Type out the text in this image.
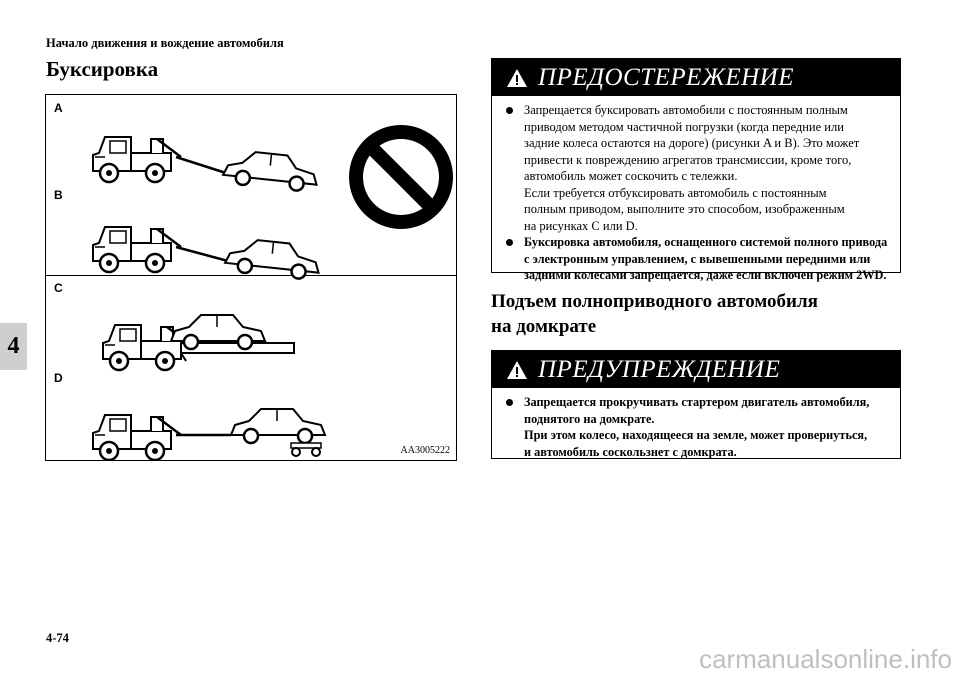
Начало движения и вождение автомобиля
Буксировка
4
A
B
C
D
AA3005222
ПРЕДОСТЕРЕЖЕНИЕ
Запрещается буксировать автомобили с постоянным полным
приводом методом частичной погрузки (когда передние или
задние колеса остаются на дороге) (рисунки A и B). Это может
привести к повреждению агрегатов трансмиссии, кроме того,
автомобиль может соскочить с тележки.
Если требуется отбуксировать автомобиль с постоянным
полным приводом, выполните это способом, изображенным
на рисунках C или D.
Буксировка автомобиля, оснащенного системой полного привода
с электронным управлением, с вывешенными передними или
задними колесами запрещается, даже если включен режим 2WD.
Подъем полноприводного автомобиля
на домкрате
ПРЕДУПРЕЖДЕНИЕ
Запрещается прокручивать стартером двигатель автомобиля,
поднятого на домкрате.
При этом колесо, находящееся на земле, может провернуться,
и автомобиль соскользнет с домкрата.
4-74
carmanualsonline.info
